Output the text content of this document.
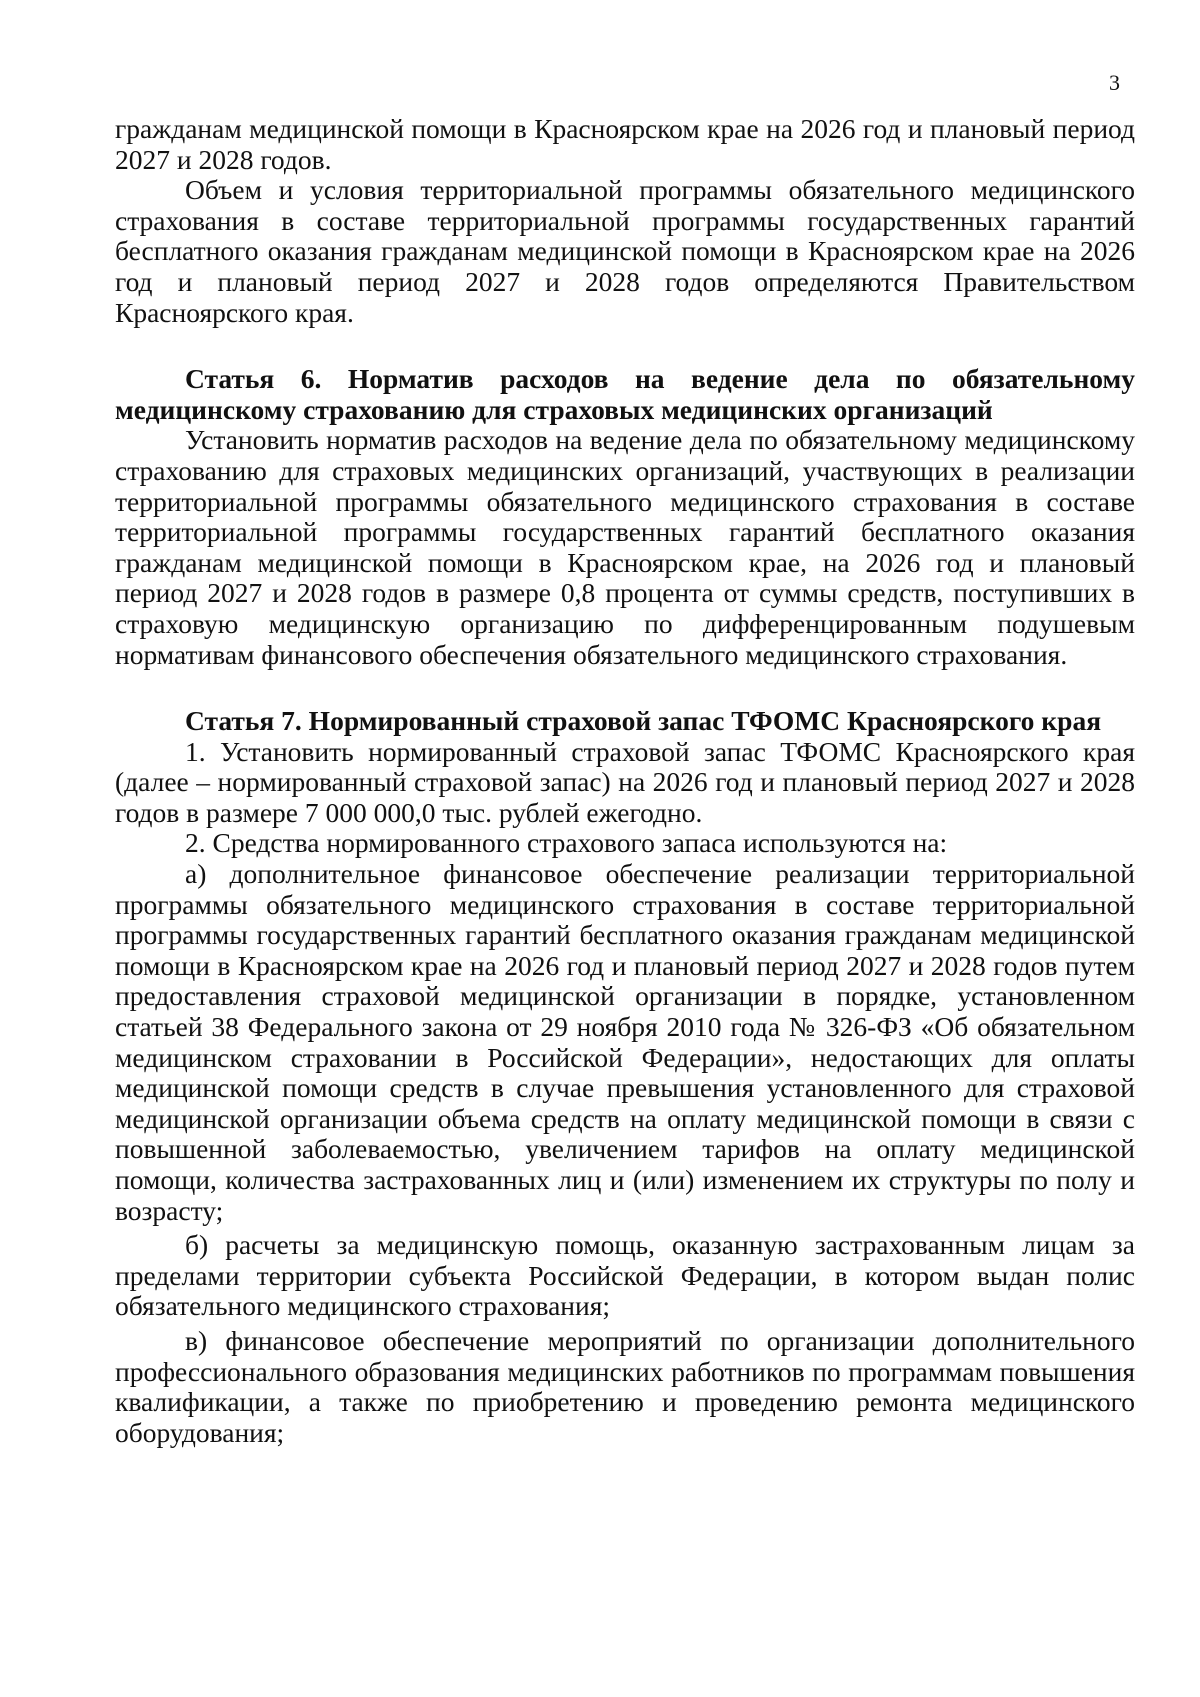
3

гражданам медицинской помощи в Красноярском крае на 2026 год и плановый период 2027 и 2028 годов.

Объем и условия территориальной программы обязательного медицинского страхования в составе территориальной программы государственных гарантий бесплатного оказания гражданам медицинской помощи в Красноярском крае на 2026 год и плановый период 2027 и 2028 годов определяются Правительством Красноярского края.

Статья 6. Норматив расходов на ведение дела по обязательному медицинскому страхованию для страховых медицинских организаций

Установить норматив расходов на ведение дела по обязательному медицинскому страхованию для страховых медицинских организаций, участвующих в реализации территориальной программы обязательного медицинского страхования в составе территориальной программы государственных гарантий бесплатного оказания гражданам медицинской помощи в Красноярском крае, на 2026 год и плановый период 2027 и 2028 годов в размере 0,8 процента от суммы средств, поступивших в страховую медицинскую организацию по дифференцированным подушевым нормативам финансового обеспечения обязательного медицинского страхования.

Статья 7. Нормированный страховой запас ТФОМС Красноярского края

1. Установить нормированный страховой запас ТФОМС Красноярского края (далее – нормированный страховой запас) на 2026 год и плановый период 2027 и 2028 годов в размере 7 000 000,0 тыс. рублей ежегодно.

2. Средства нормированного страхового запаса используются на:

а) дополнительное финансовое обеспечение реализации территориальной программы обязательного медицинского страхования в составе территориальной программы государственных гарантий бесплатного оказания гражданам медицинской помощи в Красноярском крае на 2026 год и плановый период 2027 и 2028 годов путем предоставления страховой медицинской организации в порядке, установленном статьей 38 Федерального закона от 29 ноября 2010 года № 326-ФЗ «Об обязательном медицинском страховании в Российской Федерации», недостающих для оплаты медицинской помощи средств в случае превышения установленного для страховой медицинской организации объема средств на оплату медицинской помощи в связи с повышенной заболеваемостью, увеличением тарифов на оплату медицинской помощи, количества застрахованных лиц и (или) изменением их структуры по полу и возрасту;

б) расчеты за медицинскую помощь, оказанную застрахованным лицам за пределами территории субъекта Российской Федерации, в котором выдан полис обязательного медицинского страхования;

в) финансовое обеспечение мероприятий по организации дополнительного профессионального образования медицинских работников по программам повышения квалификации, а также по приобретению и проведению ремонта медицинского оборудования;
